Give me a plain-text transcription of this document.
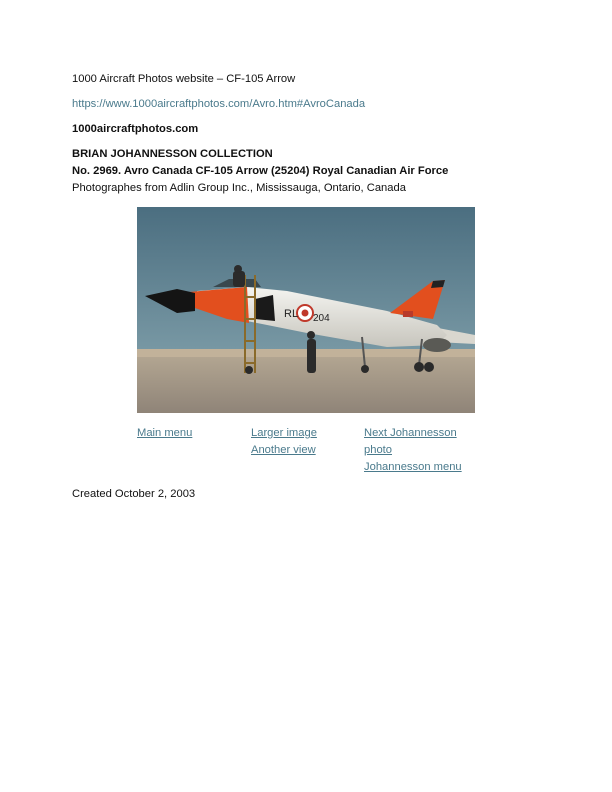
1000 Aircraft Photos website – CF-105 Arrow
https://www.1000aircraftphotos.com/Avro.htm#AvroCanada
1000aircraftphotos.com
BRIAN JOHANNESSON COLLECTION
No. 2969. Avro Canada CF-105 Arrow (25204) Royal Canadian Air Force
Photographes from Adlin Group Inc., Mississauga, Ontario, Canada
RL 204
Main menu	Larger image
Another view
Next Johannesson
photo
Johannesson menu
Created October 2, 2003
